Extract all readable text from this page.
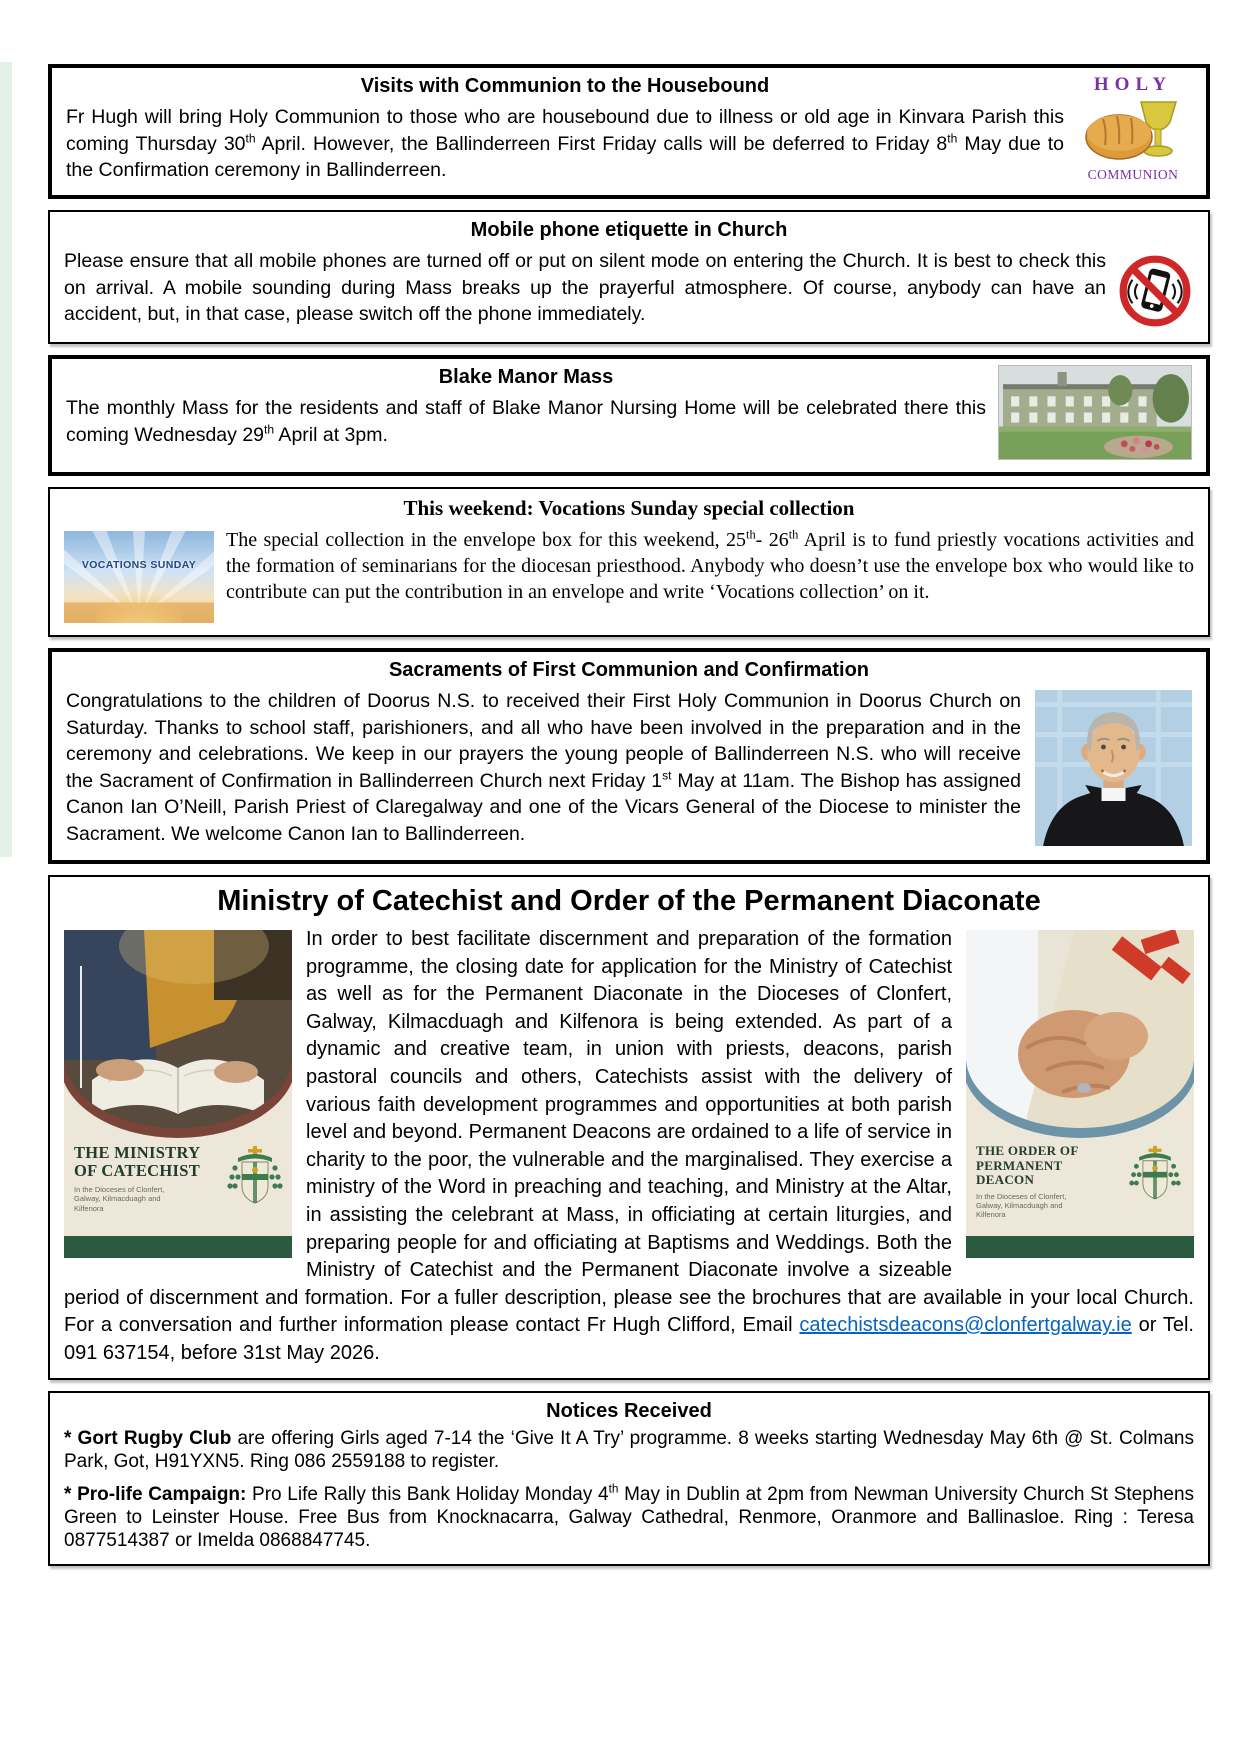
HOLY
COMMUNION
Visits with Communion to the Housebound

Fr Hugh will bring Holy Communion to those who are housebound due to illness or old age in Kinvara Parish this coming Thursday 30th April. However, the Ballinderreen First Friday calls will be deferred to Friday 8th May due to the Confirmation ceremony in Ballinderreen.

Mobile phone etiquette in Church

Please ensure that all mobile phones are turned off or put on silent mode on entering the Church. It is best to check this on arrival. A mobile sounding during Mass breaks up the prayerful atmosphere. Of course, anybody can have an accident, but, in that case, please switch off the phone immediately.

Blake Manor Mass

The monthly Mass for the residents and staff of Blake Manor Nursing Home will be celebrated there this coming Wednesday 29th April at 3pm.

This weekend: Vocations Sunday special collection
VOCATIONS SUNDAY

The special collection in the envelope box for this weekend, 25th- 26th April is to fund priestly vocations activities and the formation of seminarians for the diocesan priesthood. Anybody who doesn’t use the envelope box who would like to contribute can put the contribution in an envelope and write ‘Vocations collection’ on it.

Sacraments of First Communion and Confirmation

Congratulations to the children of Doorus N.S. to received their First Holy Communion in Doorus Church on Saturday. Thanks to school staff, parishioners, and all who have been involved in the preparation and in the ceremony and celebrations. We keep in our prayers the young people of Ballinderreen N.S. who will receive the Sacrament of Confirmation in Ballinderreen Church next Friday 1st May at 11am. The Bishop has assigned Canon Ian O’Neill, Parish Priest of Claregalway and one of the Vicars General of the Diocese to minister the Sacrament. We welcome Canon Ian to Ballinderreen.

Ministry of Catechist and Order of the Permanent Diaconate
THE MINISTRY
OF CATECHIST
In the Dioceses of Clonfert, Galway, Kilmacduagh and Kilfenora
THE ORDER OF
PERMANENT
DEACON
In the Dioceses of Clonfert, Galway, Kilmacduagh and Kilfenora

In order to best facilitate discernment and preparation of the formation programme, the closing date for application for the Ministry of Catechist as well as for the Permanent Diaconate in the Dioceses of Clonfert, Galway, Kilmacduagh and Kilfenora is being extended. As part of a dynamic and creative team, in union with priests, deacons, parish pastoral councils and others, Catechists assist with the delivery of various faith development programmes and opportunities at both parish level and beyond. Permanent Deacons are ordained to a life of service in charity to the poor, the vulnerable and the marginalised. They exercise a ministry of the Word in preaching and teaching, and Ministry at the Altar, in assisting the celebrant at Mass, in officiating at certain liturgies, and preparing people for and officiating at Baptisms and Weddings. Both the Ministry of Catechist and the Permanent Diaconate involve a sizeable period of discernment and formation. For a fuller description, please see the brochures that are available in your local Church. For a conversation and further information please contact Fr Hugh Clifford, Email catechistsdeacons@clonfertgalway.ie or Tel. 091 637154, before 31st May 2026.

Notices Received

* Gort Rugby Club are offering Girls aged 7-14 the ‘Give It A Try’ programme. 8 weeks starting Wednesday May 6th @ St. Colmans Park, Got, H91YXN5. Ring 086 2559188 to register.

* Pro-life Campaign: Pro Life Rally this Bank Holiday Monday 4th May in Dublin at 2pm from Newman University Church St Stephens Green to Leinster House. Free Bus from Knocknacarra, Galway Cathedral, Renmore, Oranmore and Ballinasloe. Ring : Teresa 0877514387 or Imelda 0868847745.
